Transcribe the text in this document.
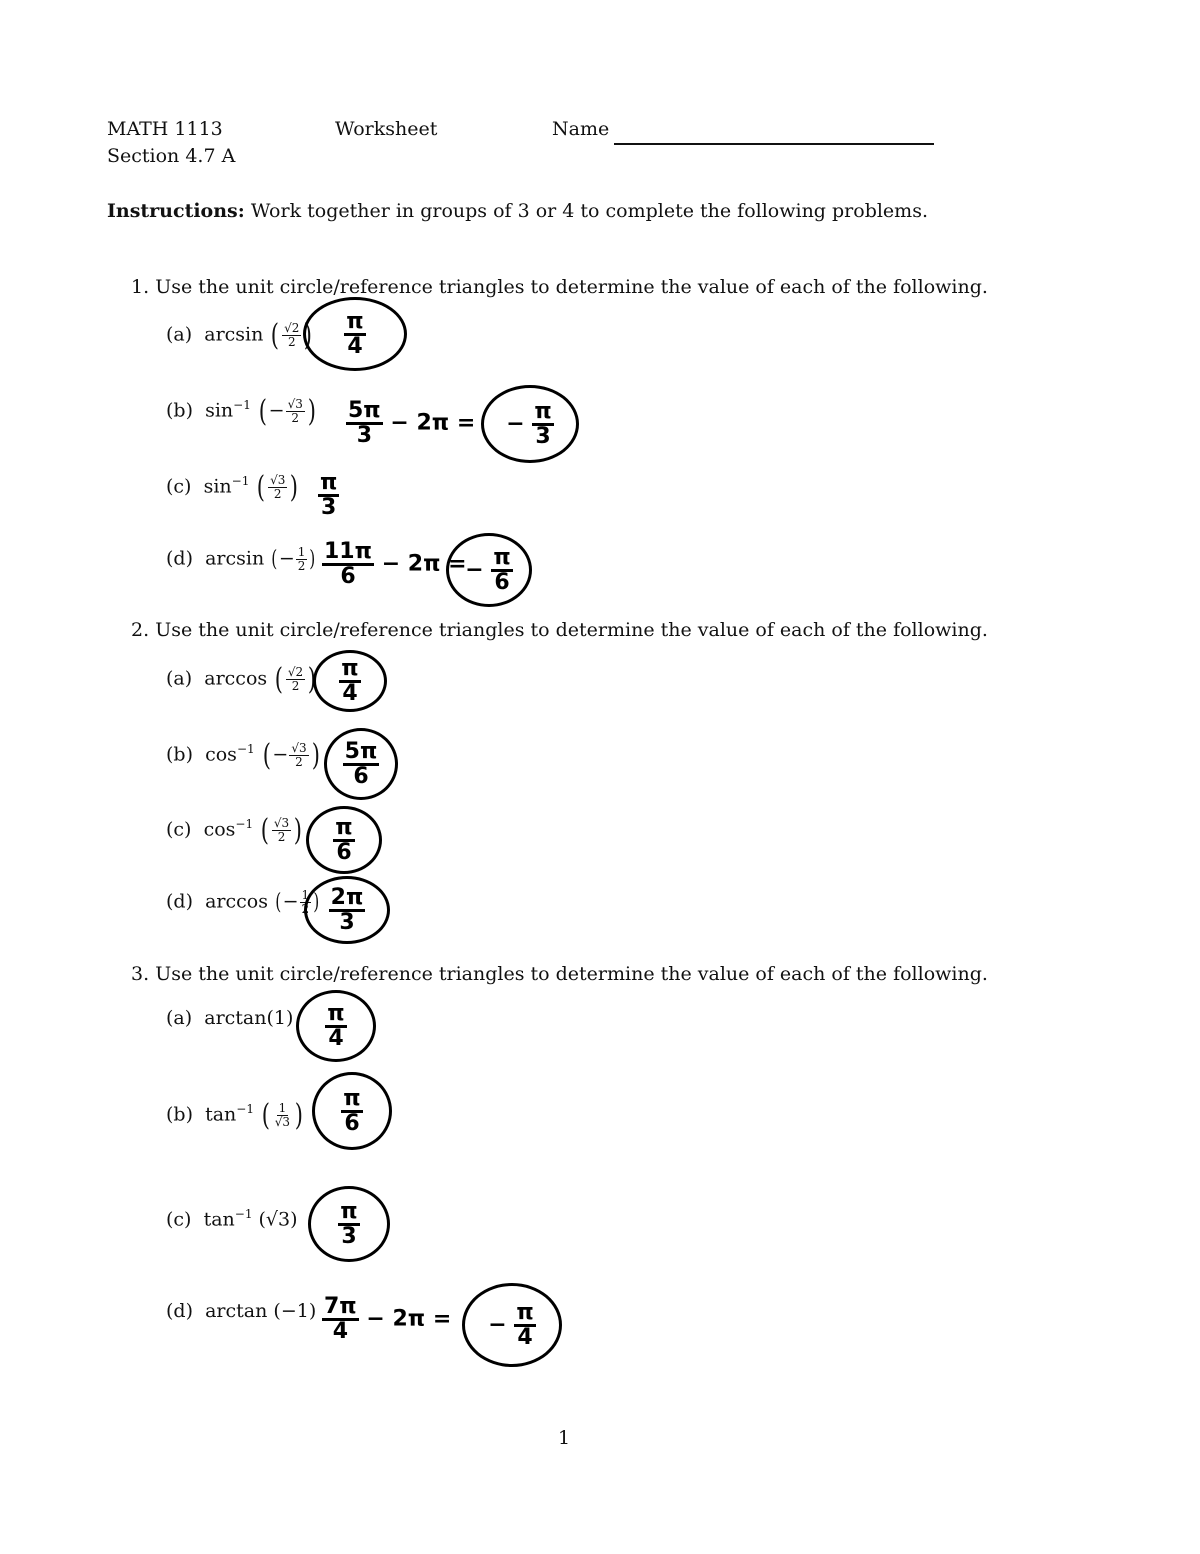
MATH 1113
Section 4.7 A
Worksheet	Name
Instructions: Work together in groups of 3 or 4 to complete the following problems.
1. Use the unit circle/reference triangles to determine the value of each of the following.
(a) arcsin ( $\frac{√2}{2}$ ) $\frac{\pi}{4}$
(b) $\sin^{-1}$ (− $\frac{√3}{2}$ ) $\frac{5\pi}{3} - 2\pi$ = − $\frac{\pi}{3}$
(c) $\sin^{-1}$ ( $\frac{√3}{2}$ ) $\frac{\pi}{3}$
(d) arcsin (− $\frac{1}{2}$ ) $\frac{11\pi}{6} - 2\pi$ =
− $\frac{\pi}{6}$
2. Use the unit circle/reference triangles to determine the value of each of the following.
(a) arccos ( $\frac{√2}{2}$ ) $\frac{\pi}{4}$
(b) $\cos^{-1}$ (− $\frac{√3}{2}$ ) $\frac{5\pi}{6}$
(c) $\cos^{-1}$ ( $\frac{√3}{2}$ ) $\frac{\pi}{6}$
(d) arccos (− $\frac{1}{2}$ ) $\frac{2\pi}{3}$
3. Use the unit circle/reference triangles to determine the value of each of the following.
(a) $\arctan(1) \frac{\pi}{4}$
(b) $\tan^{-1}$ ( $\frac{1}{√3}$ ) $\frac{\pi}{6}$
(c) $\tan^{-1} (√3) \frac{\pi}{3}$
(d) $\arctan (-1) \frac{7\pi}{4} - 2\pi$ = − $\frac{\pi}{4}$
1
